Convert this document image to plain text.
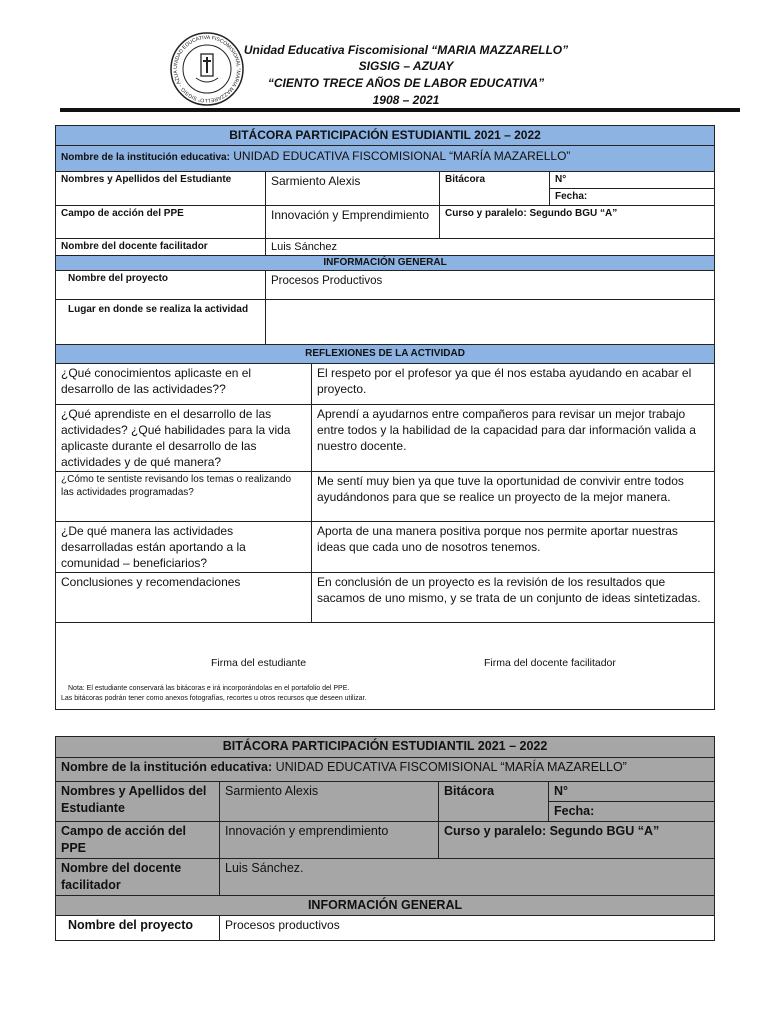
UNIDAD EDUCATIVA FISCOMISIONAL "MARIA MAZZARELLO" SIGSIG - AZUA
Unidad Educativa Fiscomisional “MARIA MAZZARELLO”
SIGSIG – AZUAY
“CIENTO TRECE AÑOS DE LABOR EDUCATIVA”
1908 – 2021
BITÁCORA PARTICIPACIÓN ESTUDIANTIL 2021 – 2022				
Nombre de la institución educativa: UNIDAD EDUCATIVA FISCOMISIONAL “MARÍA MAZARELLO”				
Nombres y Apellidos del Estudiante	Sarmiento Alexis		Bitácora	N°
				Fecha:
Campo de acción del PPE	Innovación y Emprendimiento		Curso y paralelo: Segundo BGU “A”	
Nombre del docente facilitador	Luis Sánchez			
INFORMACIÓN GENERAL				
Nombre del proyecto	Procesos Productivos			
Lugar en donde se realiza la actividad				
REFLEXIONES DE LA ACTIVIDAD				
¿Qué conocimientos aplicaste en el desarrollo de las actividades??		El respeto por el profesor ya que él nos estaba ayudando en acabar el proyecto.		
¿Qué aprendiste en el desarrollo de las actividades? ¿Qué habilidades para la vida aplicaste durante el desarrollo de las actividades y de qué manera?		Aprendí a ayudarnos entre compañeros para revisar un mejor trabajo entre todos y la habilidad de la capacidad para dar información valida a nuestro docente.		
¿Cómo te sentiste revisando los temas o realizando las actividades programadas?		Me sentí muy bien ya que tuve la oportunidad de convivir entre todos ayudándonos para que se realice un proyecto de la mejor manera.		
¿De qué manera las actividades desarrolladas están aportando a la comunidad – beneficiarios?		Aporta de una manera positiva porque nos permite aportar nuestras ideas que cada uno de nosotros tenemos.		
Conclusiones y recomendaciones		En conclusión de un proyecto es la revisión de los resultados que sacamos de uno mismo, y se trata de un conjunto de ideas sintetizadas.		

Firma del estudiante Firma del docente facilitador
Nota: El estudiante conservará las bitácoras e irá incorporándolas en el portafolio del PPE.
Las bitácoras podrán tener como anexos fotografías, recortes u otros recursos que deseen utilizar.				
BITÁCORA PARTICIPACIÓN ESTUDIANTIL 2021 – 2022			
Nombre de la institución educativa: UNIDAD EDUCATIVA FISCOMISIONAL “MARÍA MAZARELLO”			
Nombres y Apellidos del Estudiante	Sarmiento Alexis	Bitácora	N°
			Fecha:
Campo de acción del PPE	Innovación y emprendimiento	Curso y paralelo: Segundo BGU “A”	
Nombre del docente facilitador	Luis Sánchez.		
INFORMACIÓN GENERAL			
Nombre del proyecto	Procesos productivos		
